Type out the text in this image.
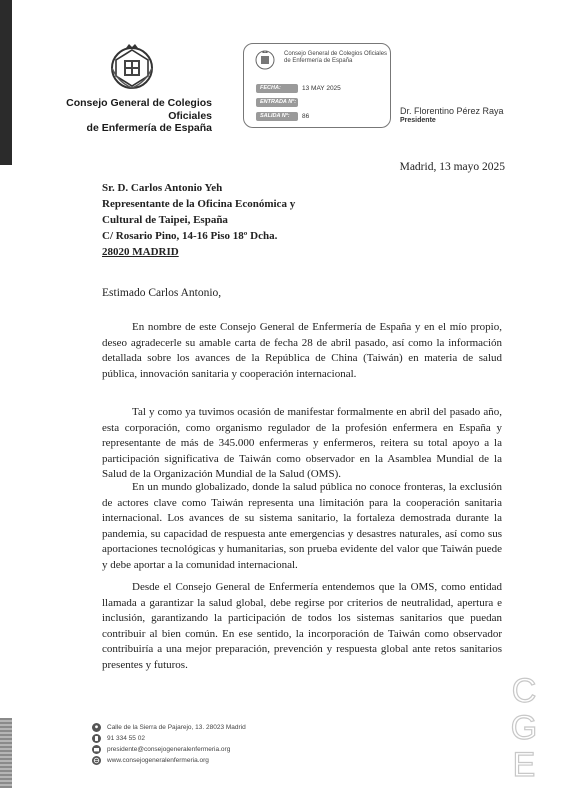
Consejo General de Colegios Oficiales
de Enfermería de España
Consejo General de Colegios Oficiales
de Enfermería de España
FECHA:	13 MAY 2025
ENTRADA Nº:
SALIDA Nº:	86
Dr. Florentino Pérez Raya
Presidente
Madrid, 13 mayo 2025
Sr. D. Carlos Antonio Yeh
Representante de la Oficina Económica y
Cultural de Taipei, España
C/ Rosario Pino, 14-16 Piso 18º Dcha.
28020 MADRID
Estimado Carlos Antonio,
En nombre de este Consejo General de Enfermería de España y en el mío propio, deseo agradecerle su amable carta de fecha 28 de abril pasado, así como la información detallada sobre los avances de la República de China (Taiwán) en materia de salud pública, innovación sanitaria y cooperación internacional.
Tal y como ya tuvimos ocasión de manifestar formalmente en abril del pasado año, esta corporación, como organismo regulador de la profesión enfermera en España y representante de más de 345.000 enfermeras y enfermeros, reitera su total apoyo a la participación significativa de Taiwán como observador en la Asamblea Mundial de la Salud de la Organización Mundial de la Salud (OMS).
En un mundo globalizado, donde la salud pública no conoce fronteras, la exclusión de actores clave como Taiwán representa una limitación para la cooperación sanitaria internacional. Los avances de su sistema sanitario, la fortaleza demostrada durante la pandemia, su capacidad de respuesta ante emergencias y desastres naturales, así como sus aportaciones tecnológicas y humanitarias, son prueba evidente del valor que Taiwán puede y debe aportar a la comunidad internacional.
Desde el Consejo General de Enfermería entendemos que la OMS, como entidad llamada a garantizar la salud global, debe regirse por criterios de neutralidad, apertura e inclusión, garantizando la participación de todos los sistemas sanitarios que puedan contribuir al bien común. En ese sentido, la incorporación de Taiwán como observador contribuiría a una mejor preparación, prevención y respuesta global ante retos sanitarios presentes y futuros.
Calle de la Sierra de Pajarejo, 13. 28023 Madrid
91 334 55 02
presidente@consejogeneralenfermeria.org
www.consejogeneralenfermeria.org
C
G
E
